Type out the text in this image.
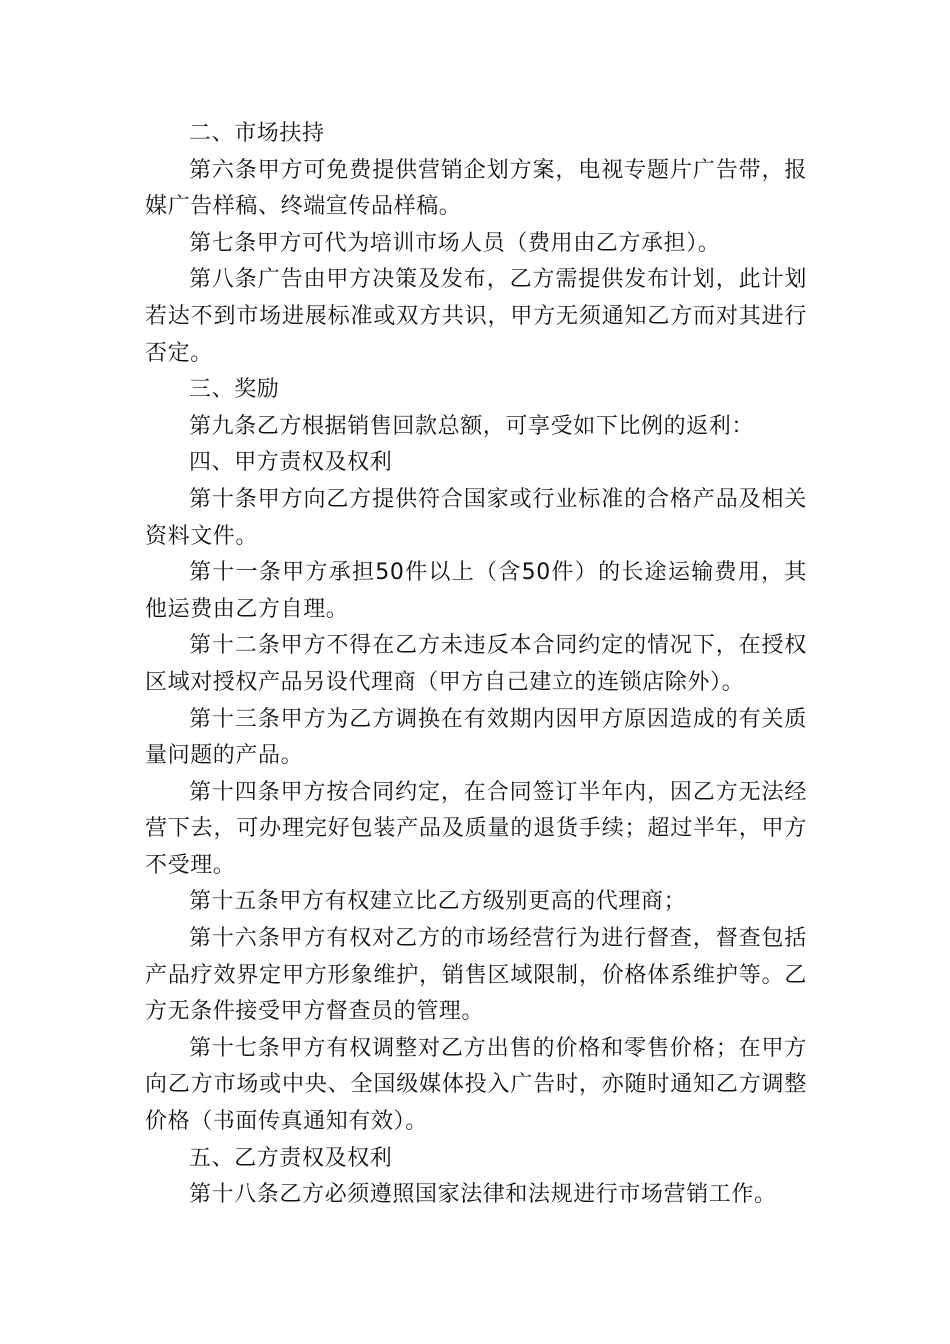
二、市场扶持

第六条甲方可免费提供营销企划方案，电视专题片广告带，报媒广告样稿、终端宣传品样稿。

第七条甲方可代为培训市场人员（费用由乙方承担）。

第八条广告由甲方决策及发布，乙方需提供发布计划，此计划若达不到市场进展标准或双方共识，甲方无须通知乙方而对其进行否定。

三、奖励

第九条乙方根据销售回款总额，可享受如下比例的返利：

四、甲方责权及权利

第十条甲方向乙方提供符合国家或行业标准的合格产品及相关资料文件。

第十一条甲方承担50件以上（含50件）的长途运输费用，其他运费由乙方自理。

第十二条甲方不得在乙方未违反本合同约定的情况下，在授权区域对授权产品另设代理商（甲方自己建立的连锁店除外）。

第十三条甲方为乙方调换在有效期内因甲方原因造成的有关质量问题的产品。

第十四条甲方按合同约定，在合同签订半年内，因乙方无法经营下去，可办理完好包装产品及质量的退货手续；超过半年，甲方不受理。

第十五条甲方有权建立比乙方级别更高的代理商；

第十六条甲方有权对乙方的市场经营行为进行督查，督查包括产品疗效界定甲方形象维护，销售区域限制，价格体系维护等。乙方无条件接受甲方督查员的管理。

第十七条甲方有权调整对乙方出售的价格和零售价格；在甲方向乙方市场或中央、全国级媒体投入广告时，亦随时通知乙方调整价格（书面传真通知有效）。

五、乙方责权及权利

第十八条乙方必须遵照国家法律和法规进行市场营销工作。
